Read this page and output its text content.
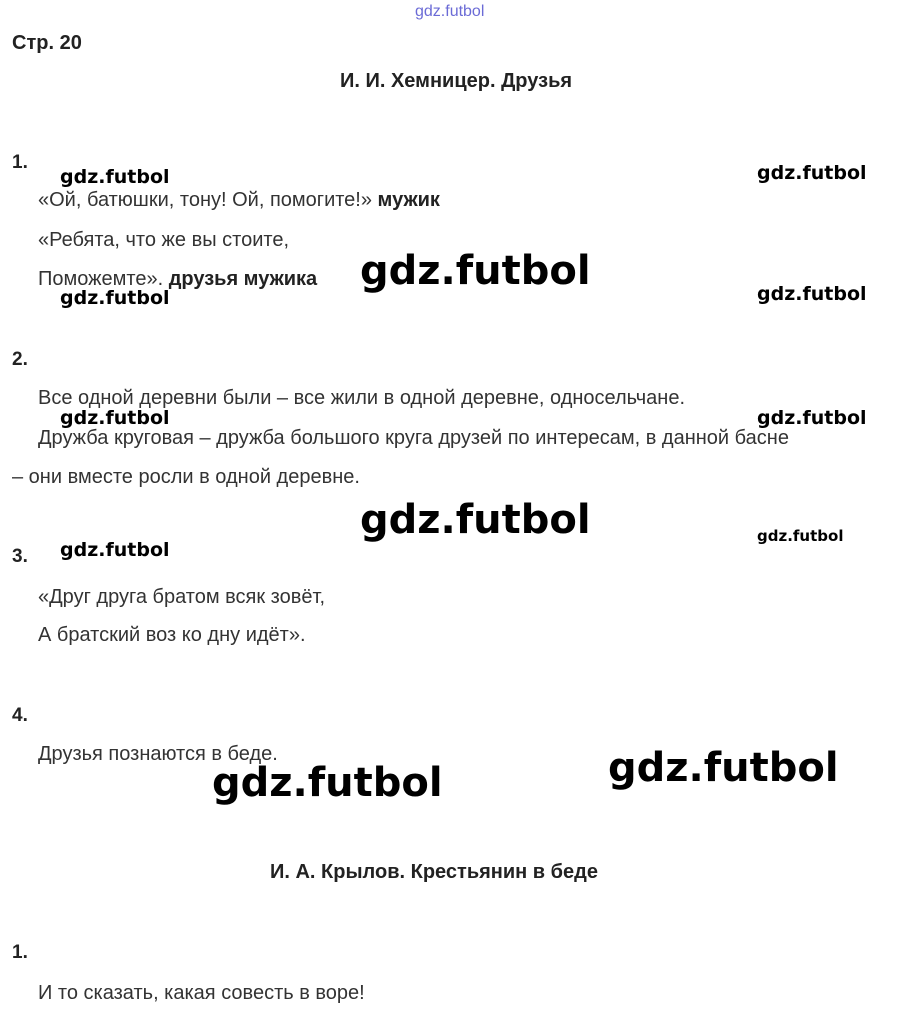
gdz.futbol
Стр. 20
И. И. Хемницер. Друзья
1.
«Ой, батюшки, тону! Ой, помогите!» мужик
«Ребята, что же вы стоите,
Поможемте». друзья мужика
2.
Все одной деревни были – все жили в одной деревне, односельчане.
Дружба круговая – дружба большого круга друзей по интересам, в данной басне
– они вместе росли в одной деревне.
3.
«Друг друга братом всяк зовёт,
А братский воз ко дну идёт».
4.
Друзья познаются в беде.
И. А. Крылов. Крестьянин в беде
1.
И то сказать, какая совесть в воре!
gdz.futbol	gdz.futbol
gdz.futbol
gdz.futbol	gdz.futbol
gdz.futbol	gdz.futbol
gdz.futbol
gdz.futbol
gdz.futbol
gdz.futbol	gdz.futbol
